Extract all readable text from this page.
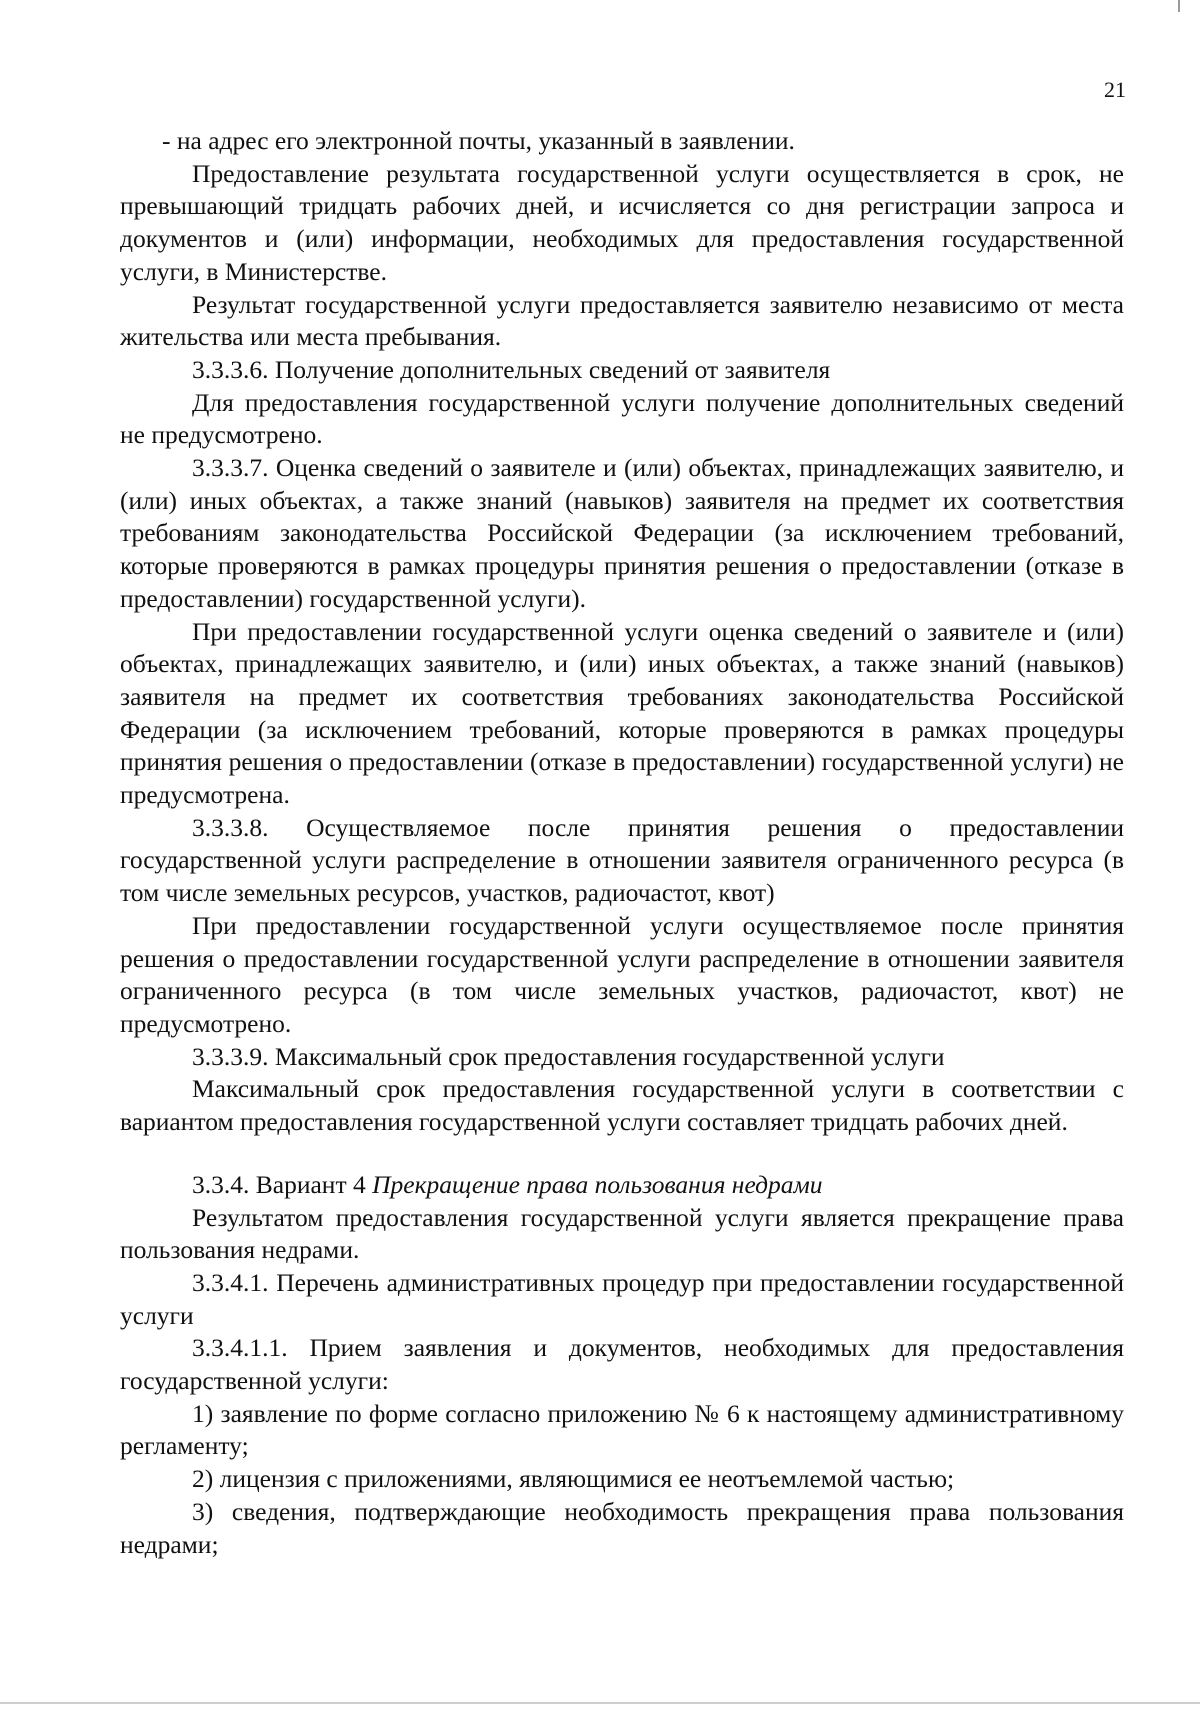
21

- на адрес его электронной почты, указанный в заявлении.

Предоставление результата государственной услуги осуществляется в срок, не превышающий тридцать рабочих дней, и исчисляется со дня регистрации запроса и документов и (или) информации, необходимых для предоставления государственной услуги, в Министерстве.

Результат государственной услуги предоставляется заявителю независимо от места жительства или места пребывания.

3.3.3.6. Получение дополнительных сведений от заявителя

Для предоставления государственной услуги получение дополнительных сведений не предусмотрено.

3.3.3.7. Оценка сведений о заявителе и (или) объектах, принадлежащих заявителю, и (или) иных объектах, а также знаний (навыков) заявителя на предмет их соответствия требованиям законодательства Российской Федерации (за исключением требований, которые проверяются в рамках процедуры принятия решения о предоставлении (отказе в предоставлении) государственной услуги).

При предоставлении государственной услуги оценка сведений о заявителе и (или) объектах, принадлежащих заявителю, и (или) иных объектах, а также знаний (навыков) заявителя на предмет их соответствия требованиях законодательства Российской Федерации (за исключением требований, которые проверяются в рамках процедуры принятия решения о предоставлении (отказе в предоставлении) государственной услуги) не предусмотрена.

3.3.3.8. Осуществляемое после принятия решения о предоставлении государственной услуги распределение в отношении заявителя ограниченного ресурса (в том числе земельных ресурсов, участков, радиочастот, квот)

При предоставлении государственной услуги осуществляемое после принятия решения о предоставлении государственной услуги распределение в отношении заявителя ограниченного ресурса (в том числе земельных участков, радиочастот, квот) не предусмотрено.

3.3.3.9. Максимальный срок предоставления государственной услуги

Максимальный срок предоставления государственной услуги в соответствии с вариантом предоставления государственной услуги составляет тридцать рабочих дней.

3.3.4. Вариант 4 Прекращение права пользования недрами

Результатом предоставления государственной услуги является прекращение права пользования недрами.

3.3.4.1. Перечень административных процедур при предоставлении государственной услуги

3.3.4.1.1. Прием заявления и документов, необходимых для предоставления государственной услуги:

1) заявление по форме согласно приложению № 6 к настоящему административному регламенту;

2) лицензия с приложениями, являющимися ее неотъемлемой частью;

3) сведения, подтверждающие необходимость прекращения права пользования недрами;
